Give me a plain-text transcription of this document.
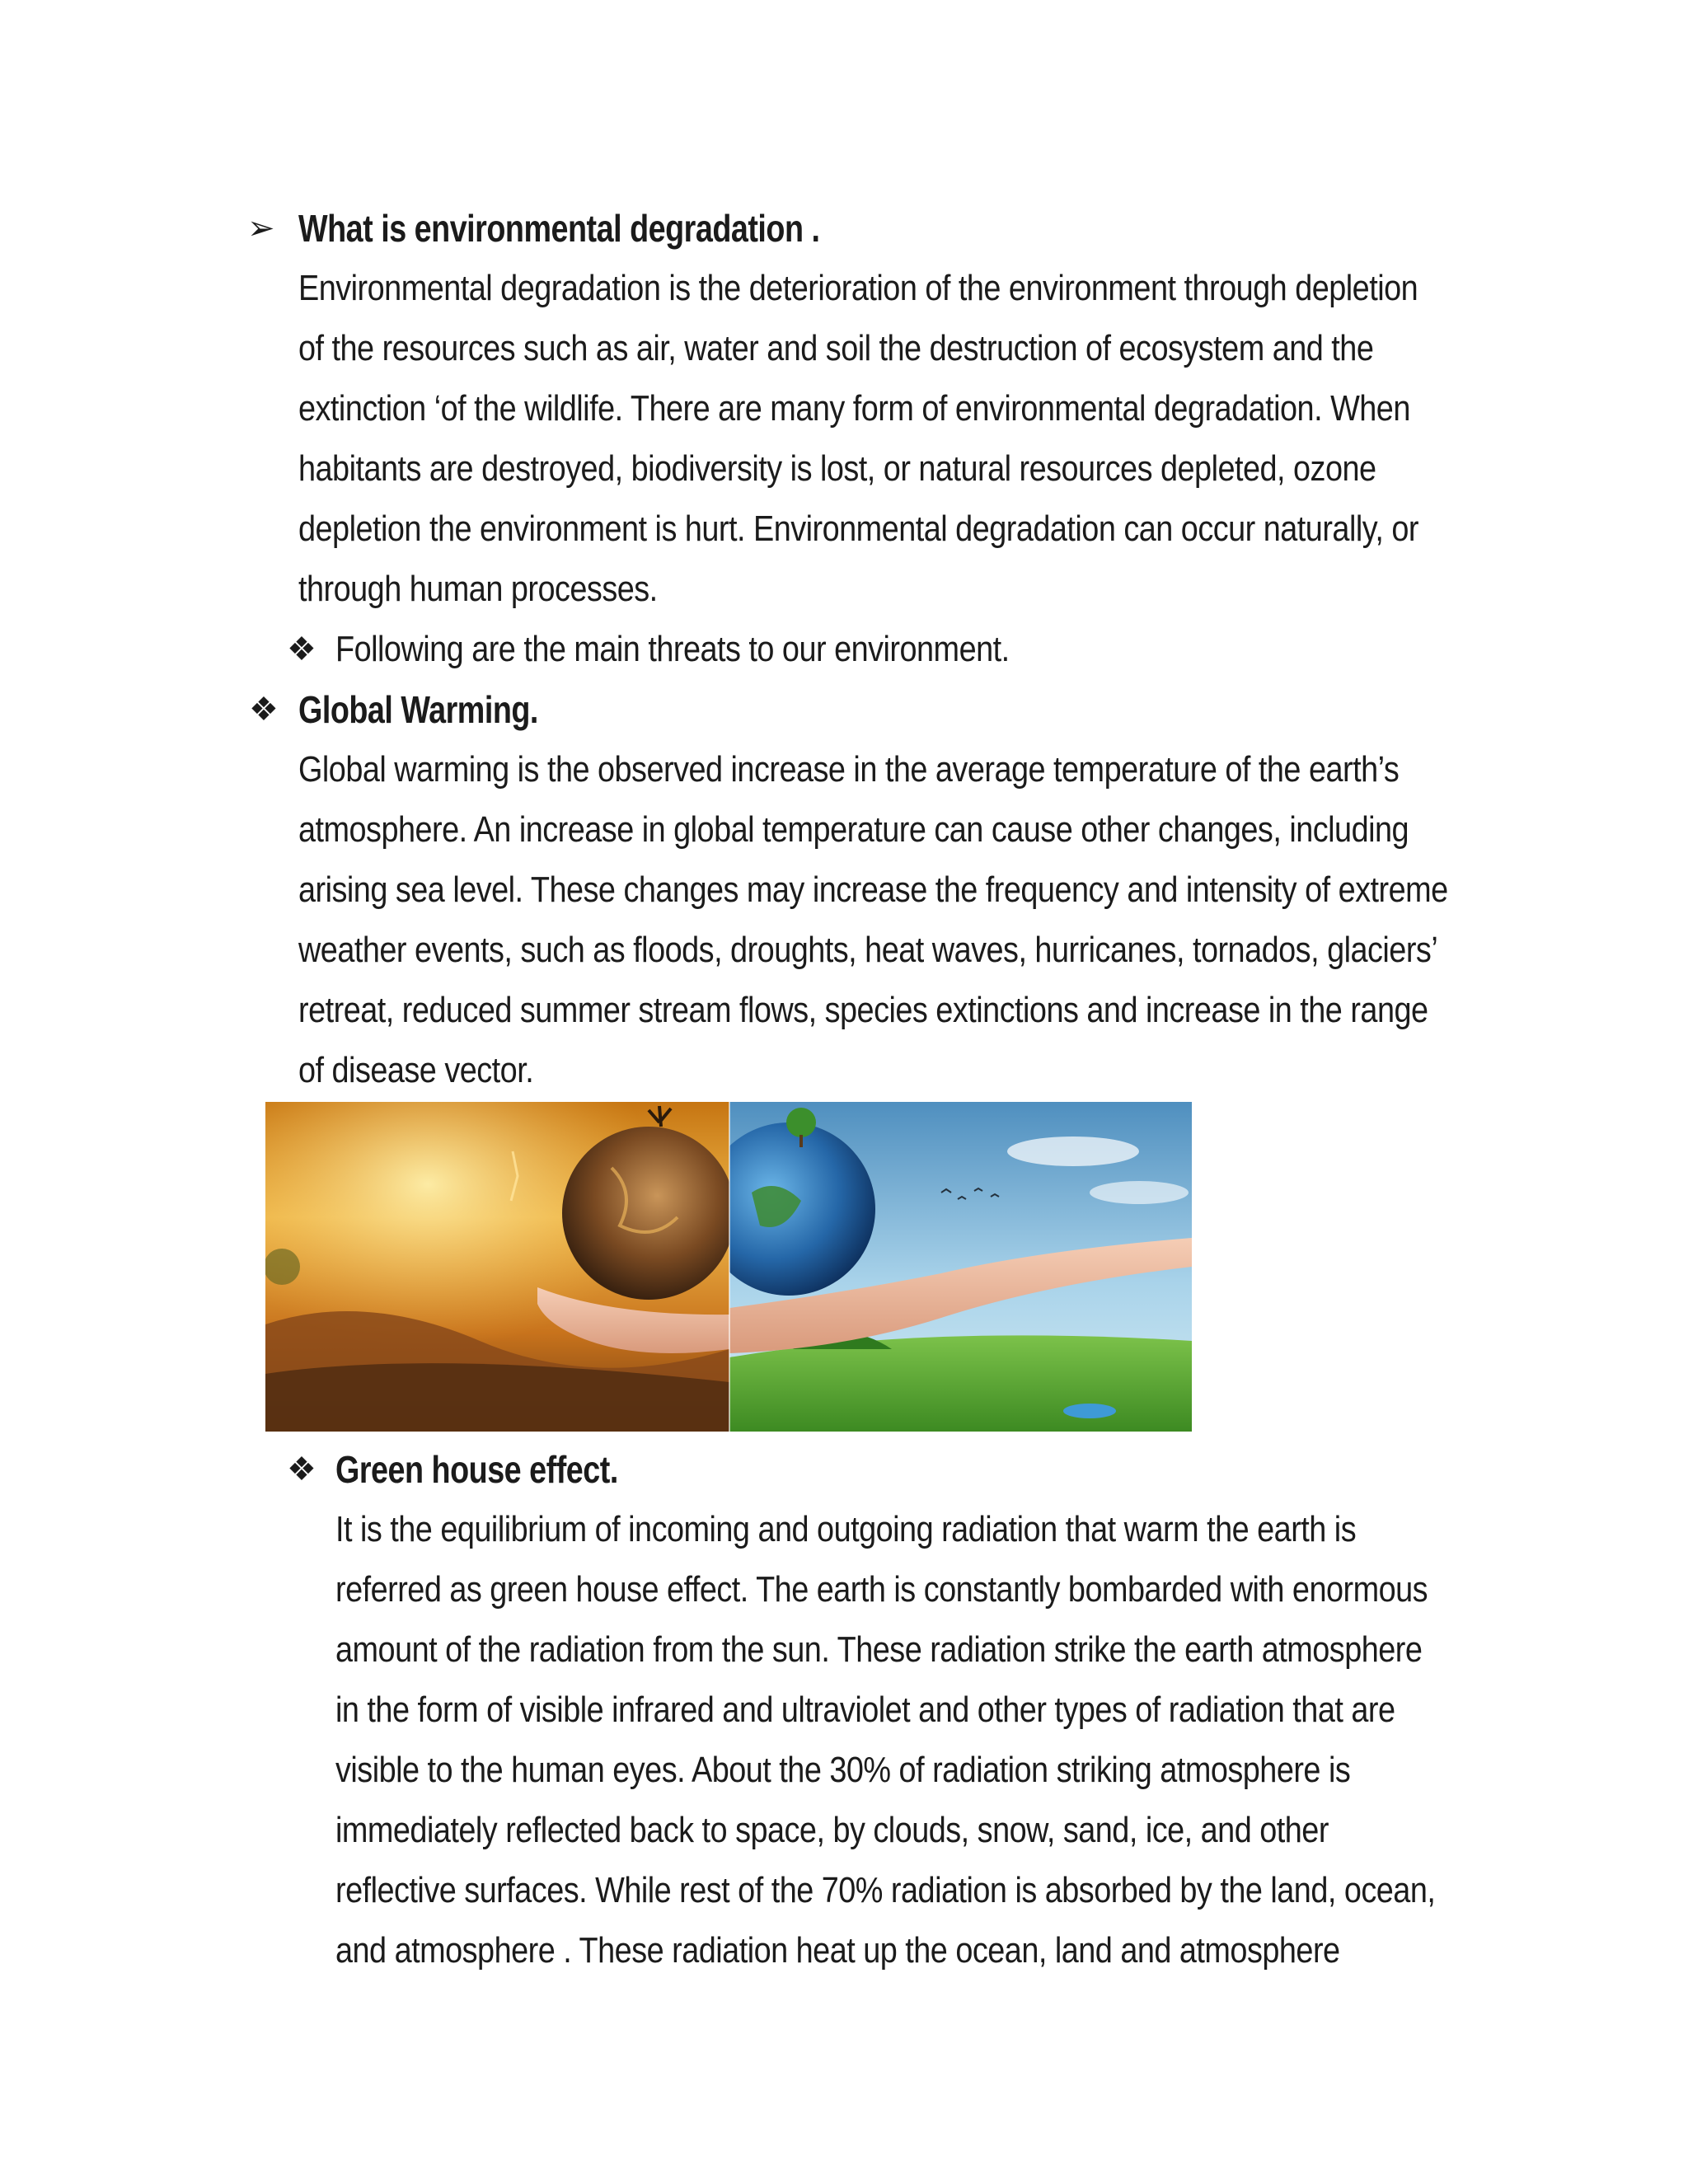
➢ What is environmental degradation .
Environmental degradation is the deterioration of the environment through depletion
of the resources such as air, water and soil the destruction of ecosystem and the
extinction ‘of the wildlife. There are many form of environmental degradation. When
habitants are destroyed, biodiversity is lost, or natural resources depleted, ozone
depletion the environment is hurt. Environmental degradation can occur naturally, or
through human processes.
❖ Following are the main threats to our environment.
❖ Global Warming.
Global warming is the observed increase in the average temperature of the earth’s
atmosphere. An increase in global temperature can cause other changes, including
arising sea level. These changes may increase the frequency and intensity of extreme
weather events, such as floods, droughts, heat waves, hurricanes, tornados, glaciers’
retreat, reduced summer stream flows, species extinctions and increase in the range
of disease vector.
❖ Green house effect.
It is the equilibrium of incoming and outgoing radiation that warm the earth is
referred as green house effect. The earth is constantly bombarded with enormous
amount of the radiation from the sun. These radiation strike the earth atmosphere
in the form of visible infrared and ultraviolet and other types of radiation that are
visible to the human eyes. About the 30% of radiation striking atmosphere is
immediately reflected back to space, by clouds, snow, sand, ice, and other
reflective surfaces. While rest of the 70% radiation is absorbed by the land, ocean,
and atmosphere . These radiation heat up the ocean, land and atmosphere
